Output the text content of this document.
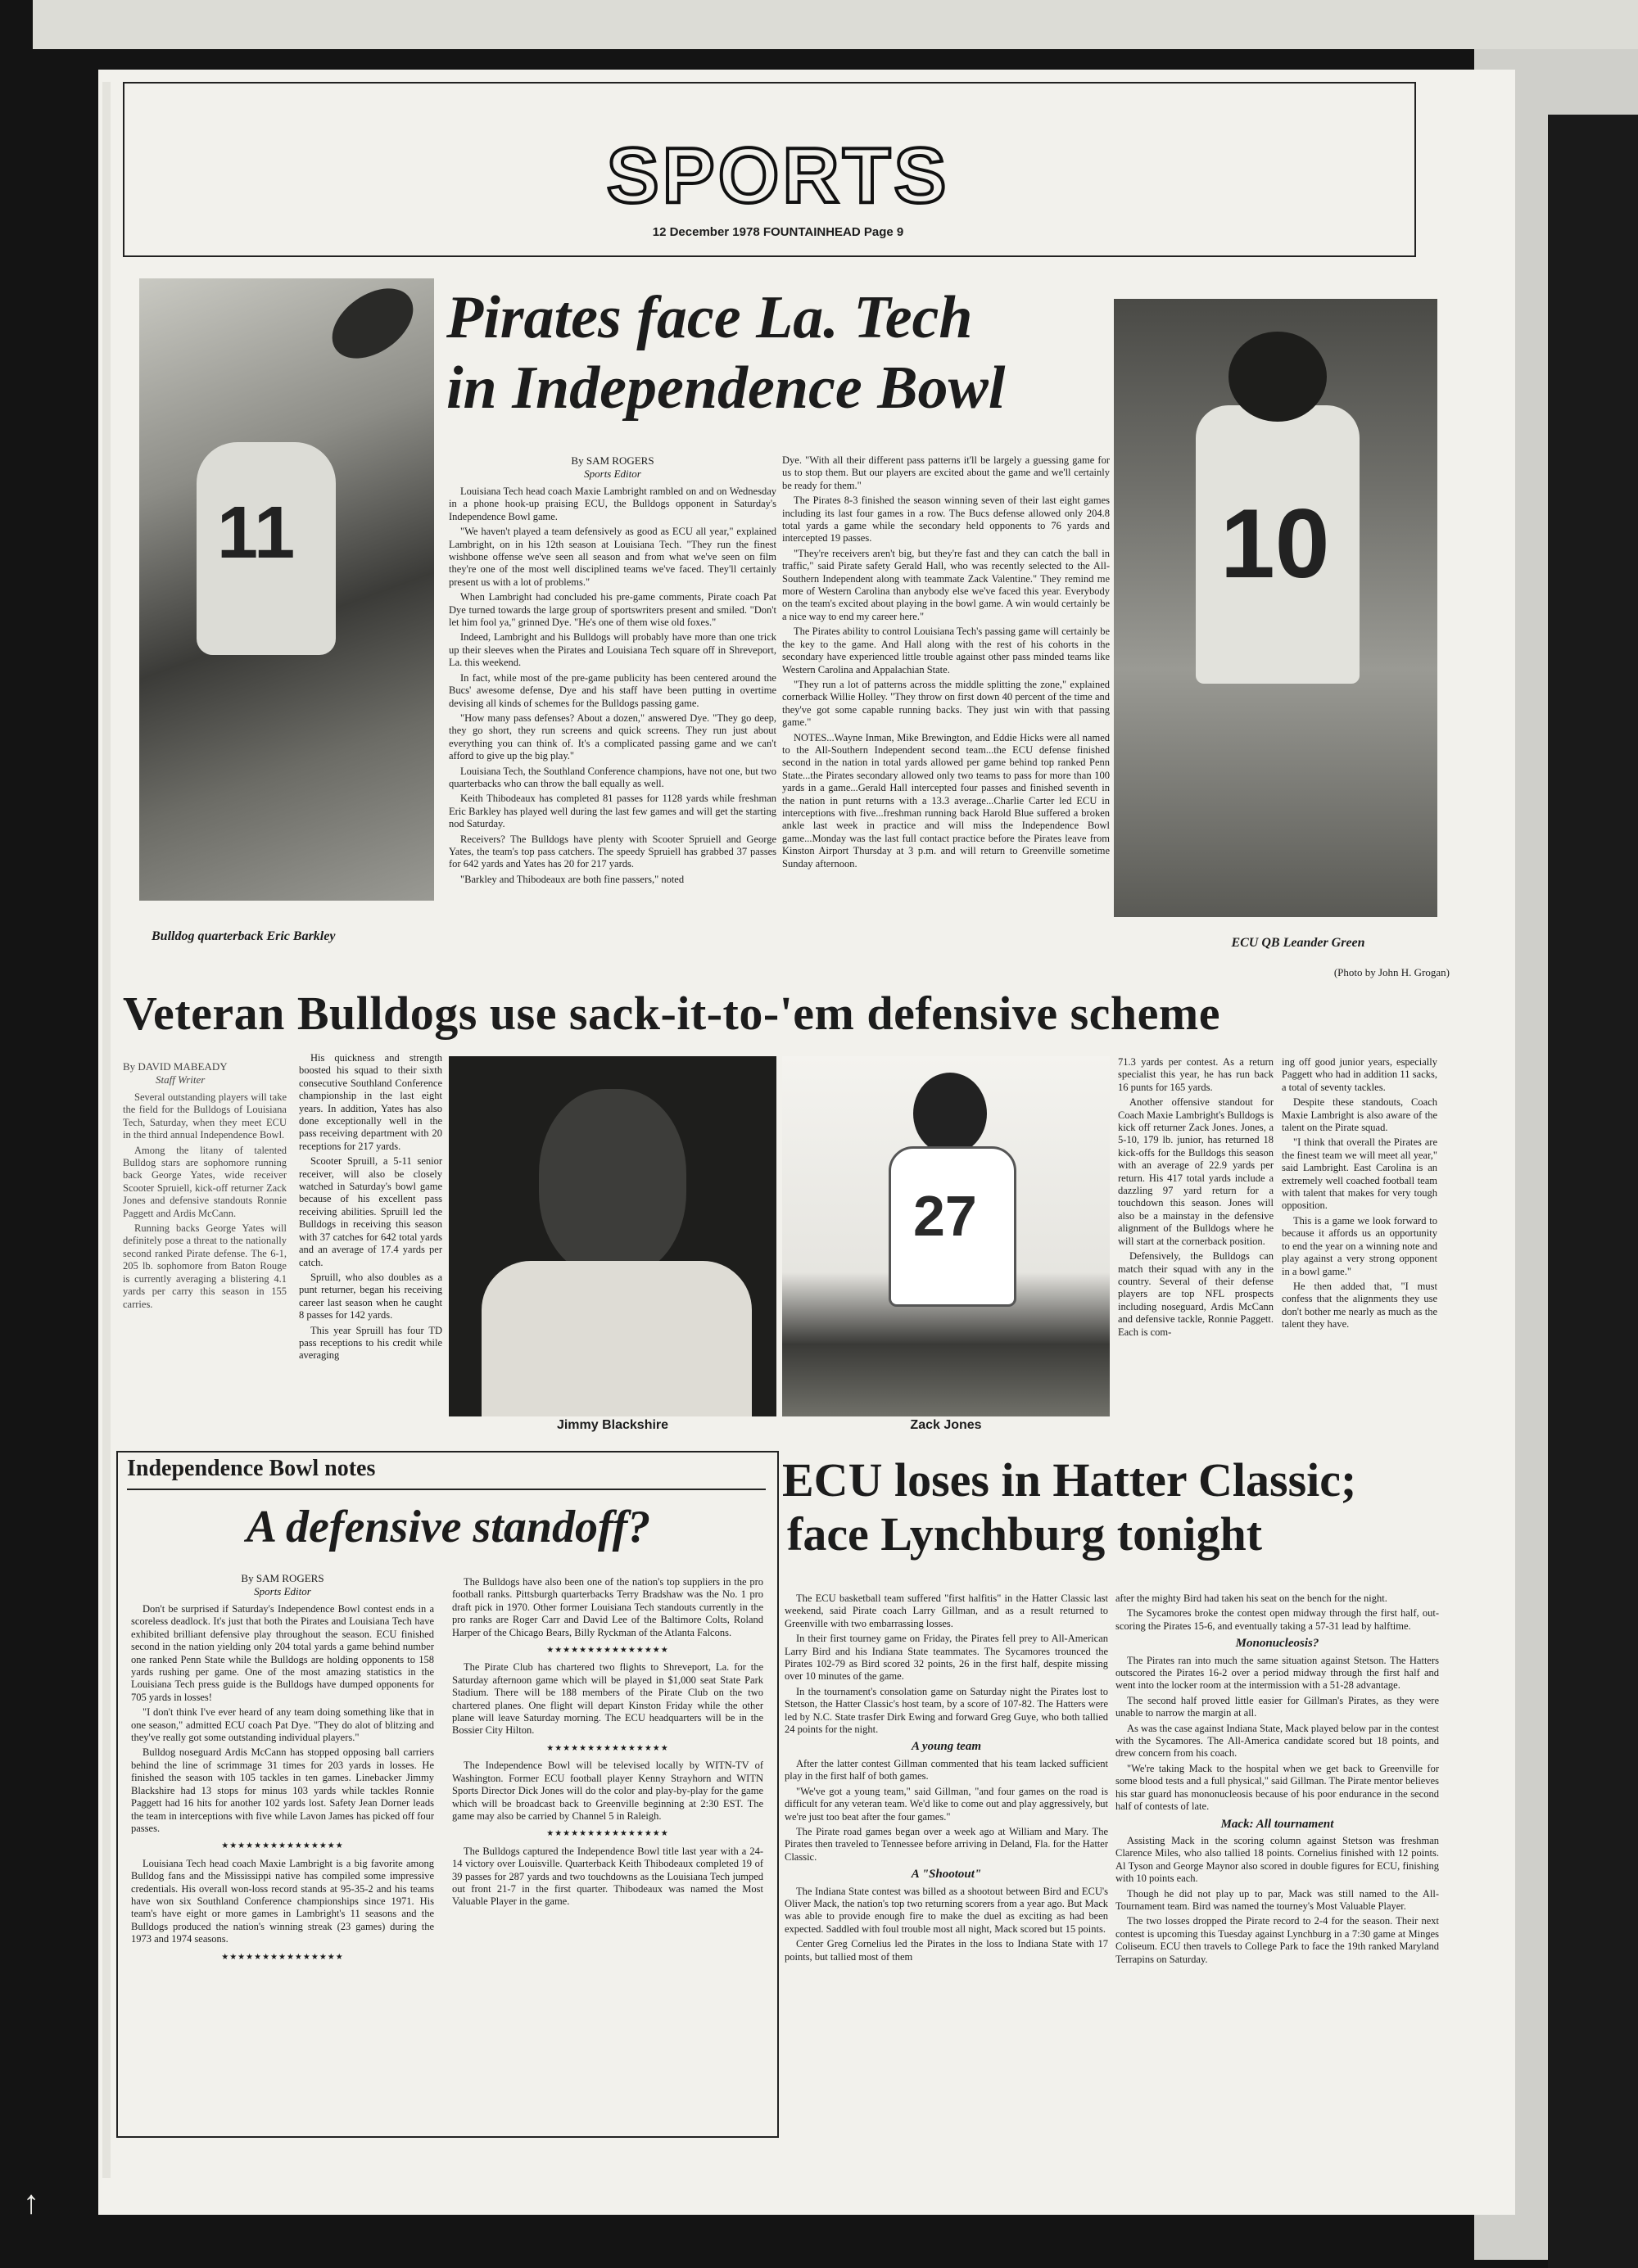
SPORTS
12 December 1978 FOUNTAINHEAD Page 9
11
Bulldog quarterback Eric Barkley
Pirates face La. Tech
in Independence Bowl
By SAM ROGERS
Sports Editor

Louisiana Tech head coach Maxie Lambright rambled on and on Wednesday in a phone hook-up praising ECU, the Bulldogs opponent in Saturday's Independence Bowl game.

"We haven't played a team defensively as good as ECU all year," explained Lambright, on in his 12th season at Louisiana Tech. "They run the finest wishbone offense we've seen all season and from what we've seen on film they're one of the most well disciplined teams we've faced. They'll certainly present us with a lot of problems."

When Lambright had concluded his pre-game comments, Pirate coach Pat Dye turned towards the large group of sportswriters present and smiled. "Don't let him fool ya," grinned Dye. "He's one of them wise old foxes."

Indeed, Lambright and his Bulldogs will probably have more than one trick up their sleeves when the Pirates and Louisiana Tech square off in Shreveport, La. this weekend.

In fact, while most of the pre-game publicity has been centered around the Bucs' awesome defense, Dye and his staff have been putting in overtime devising all kinds of schemes for the Bulldogs passing game.

"How many pass defenses? About a dozen," answered Dye. "They go deep, they go short, they run screens and quick screens. They run just about everything you can think of. It's a complicated passing game and we can't afford to give up the big play."

Louisiana Tech, the Southland Conference champions, have not one, but two quarterbacks who can throw the ball equally as well.

Keith Thibodeaux has completed 81 passes for 1128 yards while freshman Eric Barkley has played well during the last few games and will get the starting nod Saturday.

Receivers? The Bulldogs have plenty with Scooter Spruiell and George Yates, the team's top pass catchers. The speedy Spruiell has grabbed 37 passes for 642 yards and Yates has 20 for 217 yards.

"Barkley and Thibodeaux are both fine passers," noted

Dye. "With all their different pass patterns it'll be largely a guessing game for us to stop them. But our players are excited about the game and we'll certainly be ready for them."

The Pirates 8-3 finished the season winning seven of their last eight games including its last four games in a row. The Bucs defense allowed only 204.8 total yards a game while the secondary held opponents to 76 yards and intercepted 19 passes.

"They're receivers aren't big, but they're fast and they can catch the ball in traffic," said Pirate safety Gerald Hall, who was recently selected to the All-Southern Independent along with teammate Zack Valentine." They remind me more of Western Carolina than anybody else we've faced this year. Everybody on the team's excited about playing in the bowl game. A win would certainly be a nice way to end my career here."

The Pirates ability to control Louisiana Tech's passing game will certainly be the key to the game. And Hall along with the rest of his cohorts in the secondary have experienced little trouble against other pass minded teams like Western Carolina and Appalachian State.

"They run a lot of patterns across the middle splitting the zone," explained cornerback Willie Holley. "They throw on first down 40 percent of the time and they've got some capable running backs. They just win with that passing game."

NOTES...Wayne Inman, Mike Brewington, and Eddie Hicks were all named to the All-Southern Independent second team...the ECU defense finished second in the nation in total yards allowed per game behind top ranked Penn State...the Pirates secondary allowed only two teams to pass for more than 100 yards in a game...Gerald Hall intercepted four passes and finished seventh in the nation in punt returns with a 13.3 average...Charlie Carter led ECU in interceptions with five...freshman running back Harold Blue suffered a broken ankle last week in practice and will miss the Independence Bowl game...Monday was the last full contact practice before the Pirates leave from Kinston Airport Thursday at 3 p.m. and will return to Greenville sometime Sunday afternoon.

10
ECU QB Leander Green
(Photo by John H. Grogan)
Veteran Bulldogs use sack-it-to-'em defensive scheme
By DAVID MABEADY
Staff Writer

Several outstanding players will take the field for the Bulldogs of Louisiana Tech, Saturday, when they meet ECU in the third annual Independence Bowl.

Among the litany of talented Bulldog stars are sophomore running back George Yates, wide receiver Scooter Spruiell, kick-off returner Zack Jones and defensive standouts Ronnie Paggett and Ardis McCann.

Running backs George Yates will definitely pose a threat to the nationally second ranked Pirate defense. The 6-1, 205 lb. sophomore from Baton Rouge is currently averaging a blistering 4.1 yards per carry this season in 155 carries.

His quickness and strength boosted his squad to their sixth consecutive Southland Conference championship in the last eight years. In addition, Yates has also done exceptionally well in the pass receiving department with 20 receptions for 217 yards.

Scooter Spruill, a 5-11 senior receiver, will also be closely watched in Saturday's bowl game because of his excellent pass receiving abilities. Spruill led the Bulldogs in receiving this season with 37 catches for 642 total yards and an average of 17.4 yards per catch.

Spruill, who also doubles as a punt returner, began his receiving career last season when he caught 8 passes for 142 yards.

This year Spruill has four TD pass receptions to his credit while averaging

Jimmy Blackshire
27
Zack Jones

71.3 yards per contest. As a return specialist this year, he has run back 16 punts for 165 yards.

Another offensive standout for Coach Maxie Lambright's Bulldogs is kick off returner Zack Jones. Jones, a 5-10, 179 lb. junior, has returned 18 kick-offs for the Bulldogs this season with an average of 22.9 yards per return. His 417 total yards include a dazzling 97 yard return for a touchdown this season. Jones will also be a mainstay in the defensive alignment of the Bulldogs where he will start at the cornerback position.

Defensively, the Bulldogs can match their squad with any in the country. Several of their defense players are top NFL prospects including noseguard, Ardis McCann and defensive tackle, Ronnie Paggett. Each is com-

ing off good junior years, especially Paggett who had in addition 11 sacks, a total of seventy tackles.

Despite these standouts, Coach Maxie Lambright is also aware of the talent on the Pirate squad.

"I think that overall the Pirates are the finest team we will meet all year," said Lambright. East Carolina is an extremely well coached football team with talent that makes for very tough opposition.

This is a game we look forward to because it affords us an opportunity to end the year on a winning note and play against a very strong opponent in a bowl game."

He then added that, "I must confess that the alignments they use don't bother me nearly as much as the talent they have.

Independence Bowl notes
A defensive standoff?
By SAM ROGERS
Sports Editor

Don't be surprised if Saturday's Independence Bowl contest ends in a scoreless deadlock. It's just that both the Pirates and Louisiana Tech have exhibited brilliant defensive play throughout the season. ECU finished second in the nation yielding only 204 total yards a game behind number one ranked Penn State while the Bulldogs are holding opponents to 158 yards rushing per game. One of the most amazing statistics in the Louisiana Tech press guide is the Bulldogs have dumped opponents for 705 yards in losses!

"I don't think I've ever heard of any team doing something like that in one season," admitted ECU coach Pat Dye. "They do alot of blitzing and they've really got some outstanding individual players."

Bulldog noseguard Ardis McCann has stopped opposing ball carriers behind the line of scrimmage 31 times for 203 yards in losses. He finished the season with 105 tackles in ten games. Linebacker Jimmy Blackshire had 13 stops for minus 103 yards while tackles Ronnie Paggett had 16 hits for another 102 yards lost. Safety Jean Dorner leads the team in interceptions with five while Lavon James has picked off four passes.

★★★★★★★★★★★★★★★

Louisiana Tech head coach Maxie Lambright is a big favorite among Bulldog fans and the Mississippi native has compiled some impressive credentials. His overall won-loss record stands at 95-35-2 and his teams have won six Southland Conference championships since 1971. His team's have eight or more games in Lambright's 11 seasons and the Bulldogs produced the nation's winning streak (23 games) during the 1973 and 1974 seasons.

★★★★★★★★★★★★★★★

The Bulldogs have also been one of the nation's top suppliers in the pro football ranks. Pittsburgh quarterbacks Terry Bradshaw was the No. 1 pro draft pick in 1970. Other former Louisiana Tech standouts currently in the pro ranks are Roger Carr and David Lee of the Baltimore Colts, Roland Harper of the Chicago Bears, Billy Ryckman of the Atlanta Falcons.

★★★★★★★★★★★★★★★

The Pirate Club has chartered two flights to Shreveport, La. for the Saturday afternoon game which will be played in $1,000 seat State Park Stadium. There will be 188 members of the Pirate Club on the two chartered planes. One flight will depart Kinston Friday while the other plane will leave Saturday morning. The ECU headquarters will be in the Bossier City Hilton.

★★★★★★★★★★★★★★★

The Independence Bowl will be televised locally by WITN-TV of Washington. Former ECU football player Kenny Strayhorn and WITN Sports Director Dick Jones will do the color and play-by-play for the game which will be broadcast back to Greenville beginning at 2:30 EST. The game may also be carried by Channel 5 in Raleigh.

★★★★★★★★★★★★★★★

The Bulldogs captured the Independence Bowl title last year with a 24-14 victory over Louisville. Quarterback Keith Thibodeaux completed 19 of 39 passes for 287 yards and two touchdowns as the Louisiana Tech jumped out front 21-7 in the first quarter. Thibodeaux was named the Most Valuable Player in the game.

ECU loses in Hatter Classic;
face Lynchburg tonight

The ECU basketball team suffered "first halfitis" in the Hatter Classic last weekend, said Pirate coach Larry Gillman, and as a result returned to Greenville with two embarrassing losses.

In their first tourney game on Friday, the Pirates fell prey to All-American Larry Bird and his Indiana State teammates. The Sycamores trounced the Pirates 102-79 as Bird scored 32 points, 26 in the first half, despite missing over 10 minutes of the game.

In the tournament's consolation game on Saturday night the Pirates lost to Stetson, the Hatter Classic's host team, by a score of 107-82. The Hatters were led by N.C. State trasfer Dirk Ewing and forward Greg Guye, who both tallied 24 points for the night.

A young team

After the latter contest Gillman commented that his team lacked sufficient play in the first half of both games.

"We've got a young team," said Gillman, "and four games on the road is difficult for any veteran team. We'd like to come out and play aggressively, but we're just too beat after the four games."

The Pirate road games began over a week ago at William and Mary. The Pirates then traveled to Tennessee before arriving in Deland, Fla. for the Hatter Classic.

A "Shootout"

The Indiana State contest was billed as a shootout between Bird and ECU's Oliver Mack, the nation's top two returning scorers from a year ago. But Mack was able to provide enough fire to make the duel as exciting as had been expected. Saddled with foul trouble most all night, Mack scored but 15 points.

Center Greg Cornelius led the Pirates in the loss to Indiana State with 17 points, but tallied most of them

after the mighty Bird had taken his seat on the bench for the night.

The Sycamores broke the contest open midway through the first half, out-scoring the Pirates 15-6, and eventually taking a 57-31 lead by halftime.

Mononucleosis?

The Pirates ran into much the same situation against Stetson. The Hatters outscored the Pirates 16-2 over a period midway through the first half and went into the locker room at the intermission with a 51-28 advantage.

The second half proved little easier for Gillman's Pirates, as they were unable to narrow the margin at all.

As was the case against Indiana State, Mack played below par in the contest with the Sycamores. The All-America candidate scored but 18 points, and drew concern from his coach.

"We're taking Mack to the hospital when we get back to Greenville for some blood tests and a full physical," said Gillman. The Pirate mentor believes his star guard has mononucleosis because of his poor endurance in the second half of contests of late.

Mack: All tournament

Assisting Mack in the scoring column against Stetson was freshman Clarence Miles, who also tallied 18 points. Cornelius finished with 12 points. Al Tyson and George Maynor also scored in double figures for ECU, finishing with 10 points each.

Though he did not play up to par, Mack was still named to the All-Tournament team. Bird was named the tourney's Most Valuable Player.

The two losses dropped the Pirate record to 2-4 for the season. Their next contest is upcoming this Tuesday against Lynchburg in a 7:30 game at Minges Coliseum. ECU then travels to College Park to face the 19th ranked Maryland Terrapins on Saturday.

↑
